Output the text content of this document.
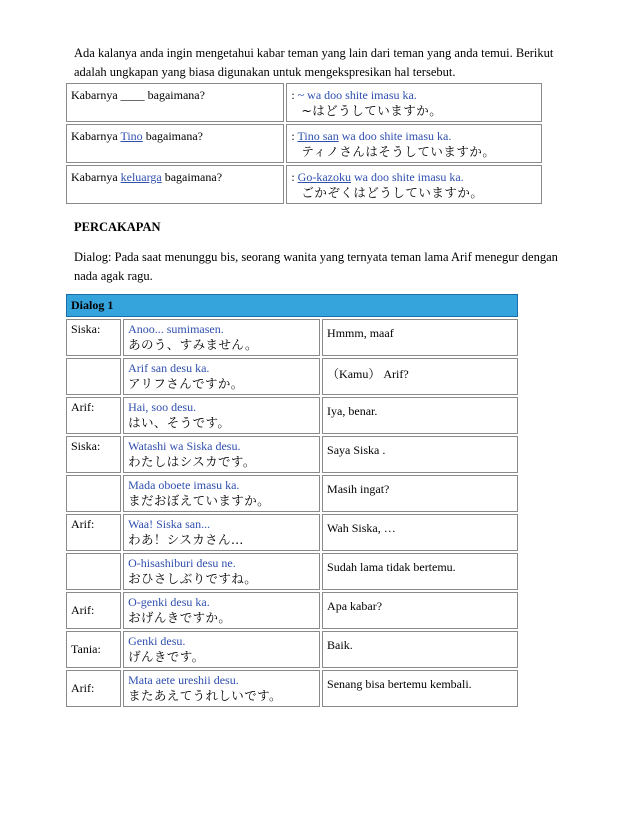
Ada kalanya anda ingin mengetahui kabar teman yang lain dari teman yang anda temui. Berikut adalah ungkapan yang biasa digunakan untuk mengekspresikan hal tersebut.
Kabarnya ____ bagaimana?	: ~ wa doo shite imasu ka.
~はどうしていますか。
Kabarnya Tino bagaimana?	: Tino san wa doo shite imasu ka.
ティノさんはそうしていますか。
Kabarnya keluarga bagaimana?	: Go-kazoku wa doo shite imasu ka.
ごかぞくはどうしていますか。
PERCAKAPAN
Dialog: Pada saat menunggu bis, seorang wanita yang ternyata teman lama Arif menegur dengan nada agak ragu.
Dialog 1		
Siska:	Anoo... sumimasen.
あのう、すみません。	Hmmm, maaf
	Arif san desu ka.
アリフさんですか。	（Kamu） Arif?
Arif:	Hai, soo desu.
はい、そうです。	Iya, benar.
Siska:	Watashi wa Siska desu.
わたしはシスカです。	Saya Siska .
	Mada oboete imasu ka.
まだおぼえていますか。	Masih ingat?
Arif:	Waa! Siska san...
わあ！シスカさん…	Wah Siska, …
	O-hisashiburi desu ne.
おひさしぶりですね。	Sudah lama tidak bertemu.
Arif:	O-genki desu ka.
おげんきですか。	Apa kabar?
Tania:	Genki desu.
げんきです。	Baik.
Arif:	Mata aete ureshii desu.
またあえてうれしいです。	Senang bisa bertemu kembali.
